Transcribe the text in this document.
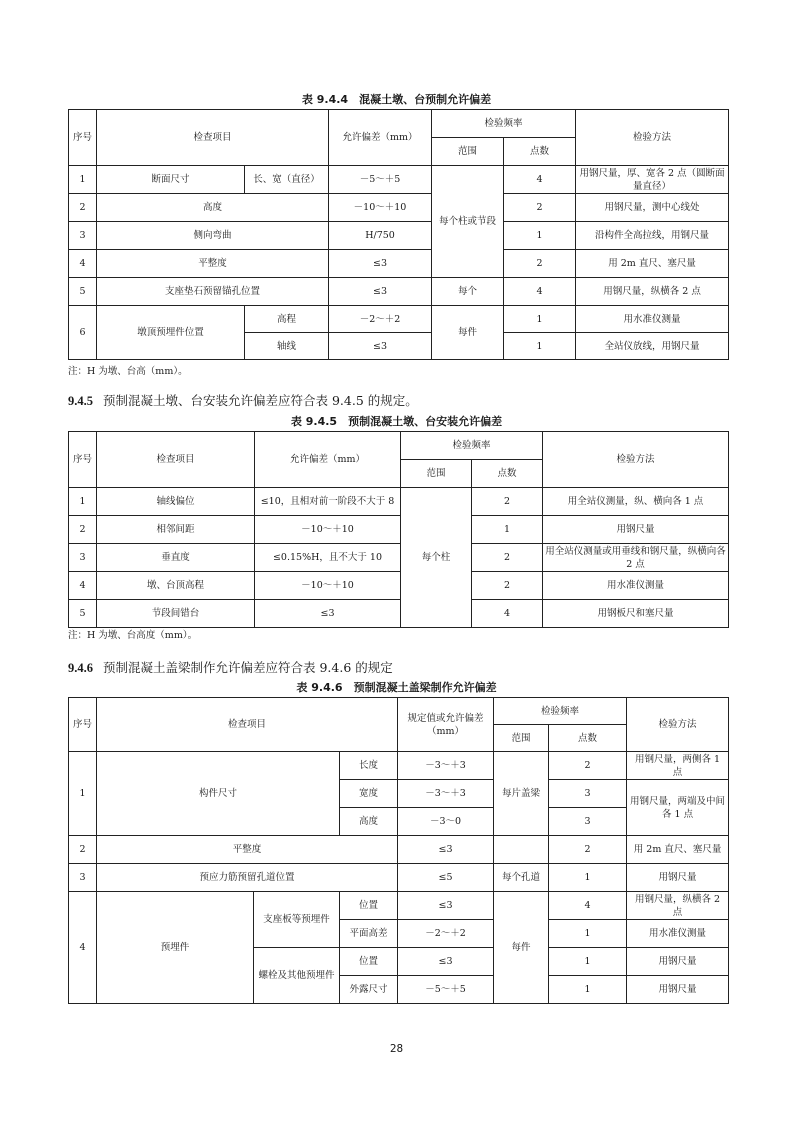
表 9.4.4　混凝土墩、台预制允许偏差
序号	检查项目		允许偏差（mm）	检验频率		检验方法
				范围	点数	
1	断面尺寸	长、宽（直径）	－5～＋5	每个柱或节段	4	用钢尺量，厚、宽各 2 点（圆断面量直径）
2	高度		－10～＋10		2	用钢尺量，测中心线处
3	侧向弯曲		H/750		1	沿构件全高拉线，用钢尺量
4	平整度		≤3		2	用 2m 直尺、塞尺量
5	支座垫石预留锚孔位置		≤3	每个	4	用钢尺量，纵横各 2 点
6	墩顶预埋件位置	高程	－2～＋2	每件	1	用水准仪测量
		轴线	≤3		1	全站仪放线，用钢尺量
注：H 为墩、台高（mm）。
9.4.5 预制混凝土墩、台安装允许偏差应符合表 9.4.5 的规定。
表 9.4.5　预制混凝土墩、台安装允许偏差
序号	检查项目	允许偏差（mm）	检验频率		检验方法
			范围	点数	
1	轴线偏位	≤10，且相对前一阶段不大于 8	每个柱	2	用全站仪测量，纵、横向各 1 点
2	相邻间距	－10～＋10		1	用钢尺量
3	垂直度	≤0.15%H，且不大于 10		2	用全站仪测量或用垂线和钢尺量，纵横向各 2 点
4	墩、台顶高程	－10～＋10		2	用水准仪测量
5	节段间错台	≤3		4	用钢板尺和塞尺量
注：H 为墩、台高度（mm）。
9.4.6 预制混凝土盖梁制作允许偏差应符合表 9.4.6 的规定
表 9.4.6　预制混凝土盖梁制作允许偏差
序号	检查项目			规定值或允许偏差（mm）	检验频率		检验方法
					范围	点数	
1	构件尺寸		长度	－3～＋3	每片盖梁	2	用钢尺量，两侧各 1 点
			宽度	－3～＋3		3	用钢尺量，两端及中间各 1 点
			高度	－3～0		3	
2	平整度			≤3		2	用 2m 直尺、塞尺量
3	预应力筋预留孔道位置			≤5	每个孔道	1	用钢尺量
4	预埋件	支座板等预埋件	位置	≤3	每件	4	用钢尺量，纵横各 2 点
			平面高差	－2～＋2		1	用水准仪测量
		螺栓及其他预埋件	位置	≤3		1	用钢尺量
			外露尺寸	－5～＋5		1	用钢尺量
28
